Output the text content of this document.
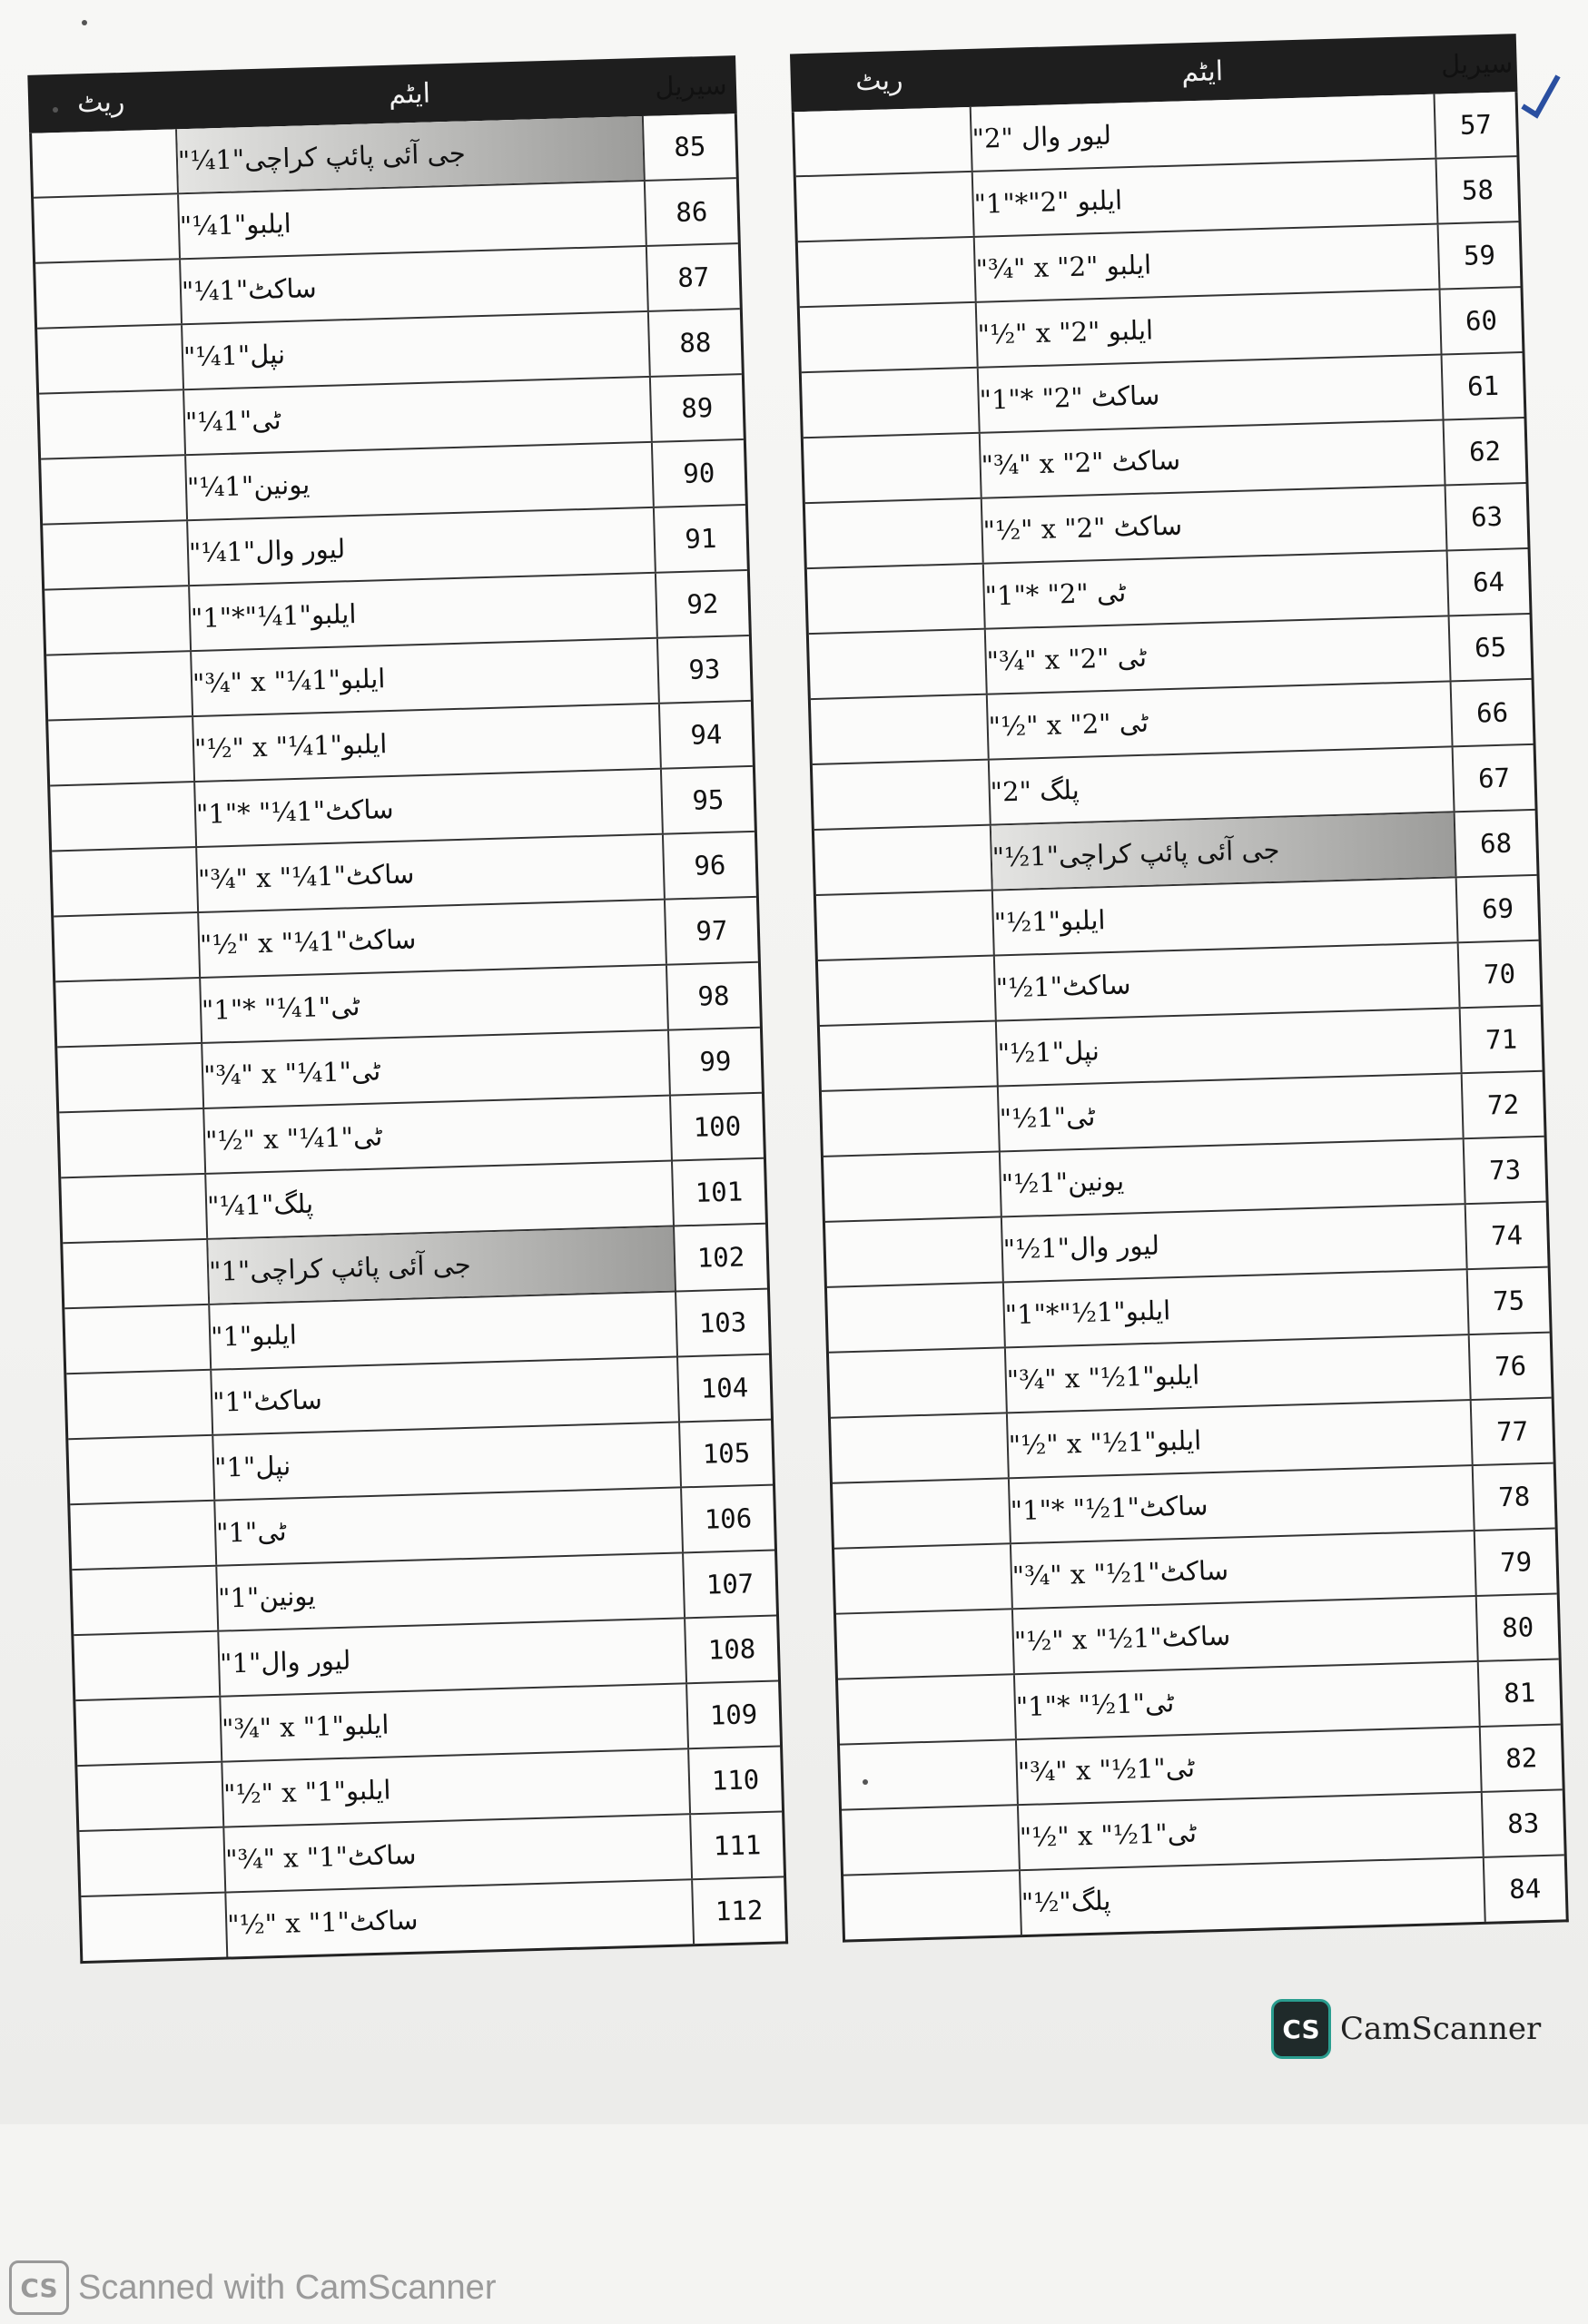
ریٹ	ایٹم	سیریل
جی آئی پائپ کراچی"1¼"	85
ایلبو"1¼"	86
ساکٹ"1¼"	87
نپل"1¼"	88
ٹی"1¼"	89
یونین"1¼"	90
لیور وال"1¼"	91
ایلبو"1¼"*"1"	92
ایلبو"1¼" x "¾"	93
ایلبو"1¼" x "½"	94
ساکٹ"1¼" *"1"	95
ساکٹ"1¼" x "¾"	96
ساکٹ"1¼" x "½"	97
ٹی"1¼" *"1"	98
ٹی"1¼" x "¾"	99
ٹی"1¼" x "½"	100
پلگ"1¼"	101
جی آئی پائپ کراچی"1"	102
ایلبو"1"	103
ساکٹ"1"	104
نپل"1"	105
ٹی"1"	106
یونین"1"	107
لیور وال"1"	108
ایلبو"1" x "¾"	109
ایلبو"1" x "½"	110
ساکٹ"1" x "¾"	111
ساکٹ"1" x "½"	112
ریٹ	ایٹم	سیریل
لیور وال "2"	57
ایلبو "2"*"1"	58
ایلبو "2" x "¾"	59
ایلبو "2" x "½"	60
ساکٹ "2" *"1"	61
ساکٹ "2" x "¾"	62
ساکٹ "2" x "½"	63
ٹی "2" *"1"	64
ٹی "2" x "¾"	65
ٹی "2" x "½"	66
پلگ "2"	67
جی آئی پائپ کراچی"1½"	68
ایلبو"1½"	69
ساکٹ"1½"	70
نپل"1½"	71
ٹی"1½"	72
یونین"1½"	73
لیور وال"1½"	74
ایلبو"1½"*"1"	75
ایلبو"1½" x "¾"	76
ایلبو"1½" x "½"	77
ساکٹ"1½" *"1"	78
ساکٹ"1½" x "¾"	79
ساکٹ"1½" x "½"	80
ٹی"1½" *"1"	81
ٹی"1½" x "¾"	82
ٹی"1½" x "½"	83
پلگ"½"	84
CS CamScanner
CS Scanned with CamScanner
